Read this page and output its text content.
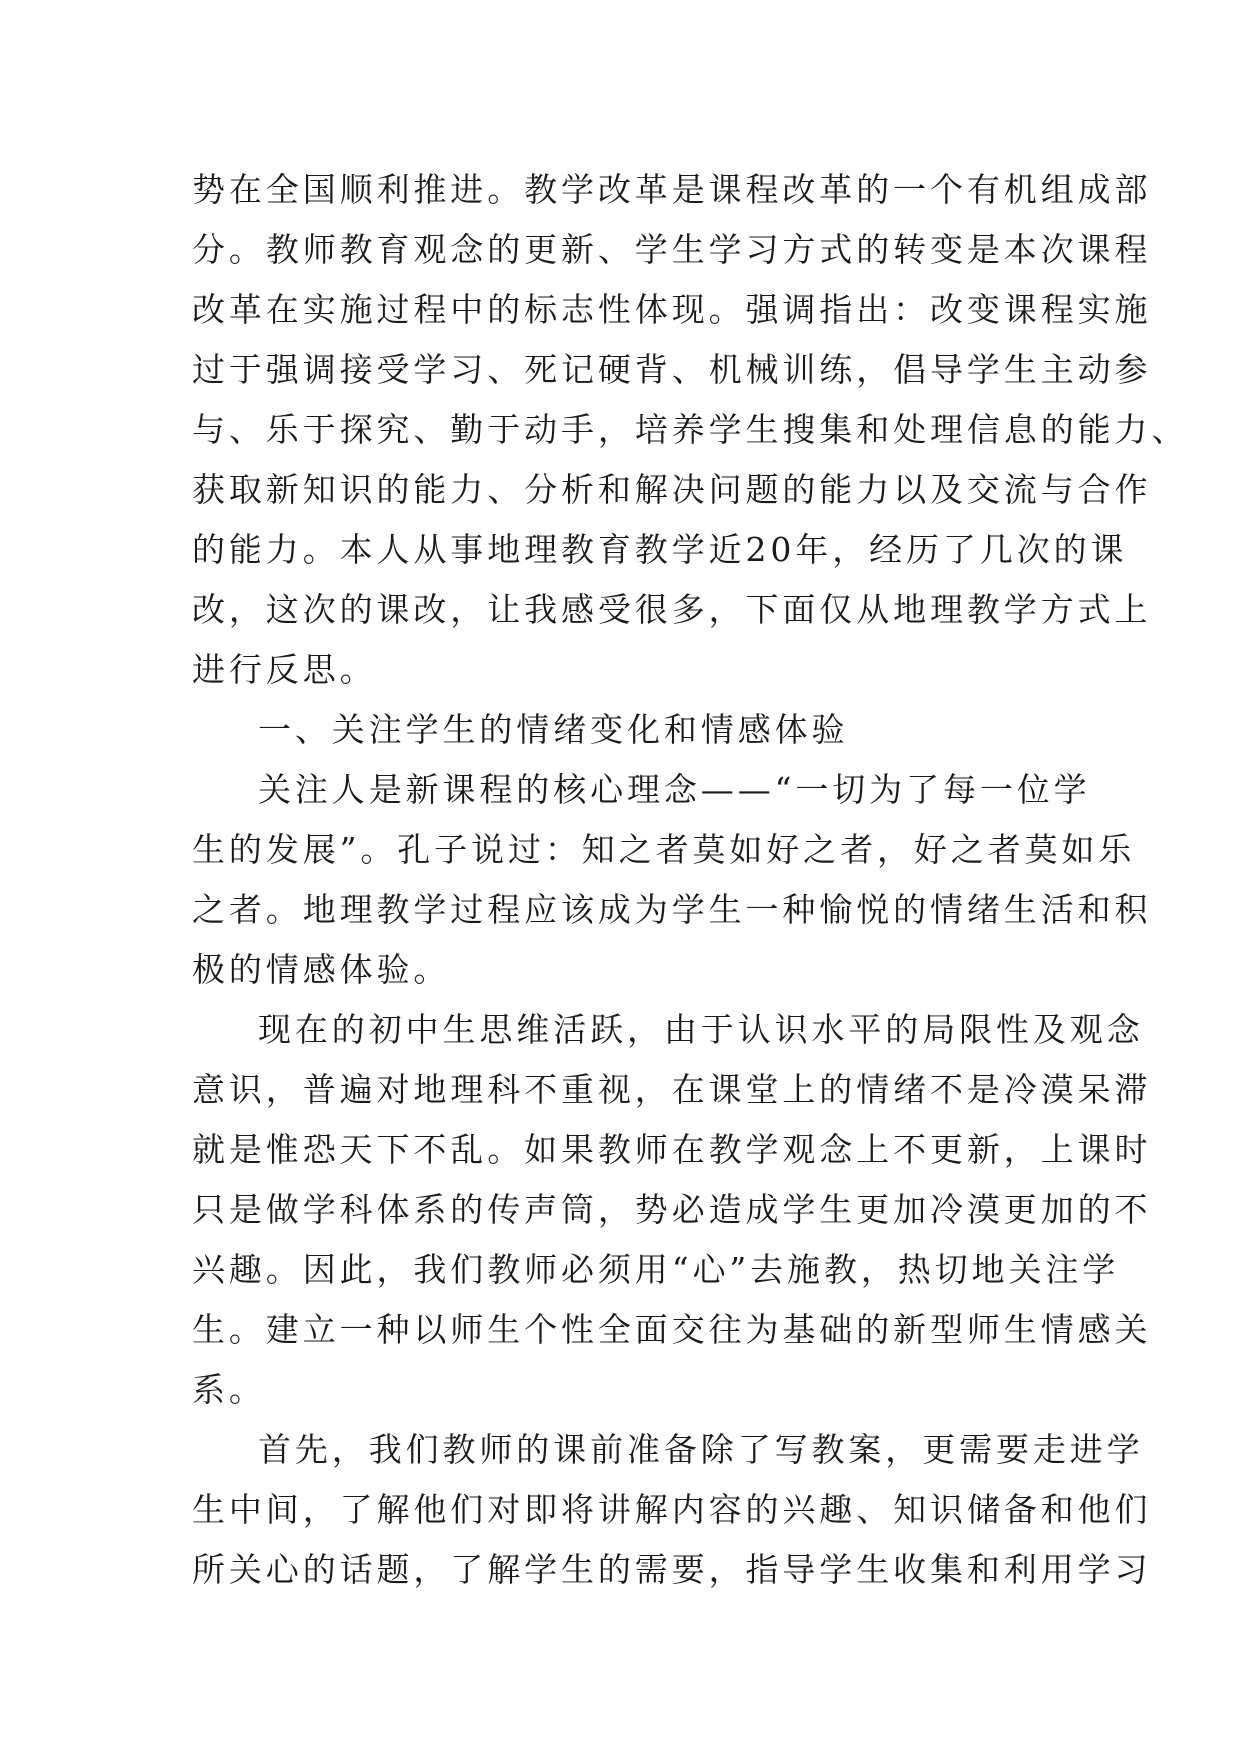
势在全国顺利推进。教学改革是课程改革的一个有机组成部
分。教师教育观念的更新、学生学习方式的转变是本次课程
改革在实施过程中的标志性体现。强调指出：改变课程实施
过于强调接受学习、死记硬背、机械训练，倡导学生主动参
与、乐于探究、勤于动手，培养学生搜集和处理信息的能力、
获取新知识的能力、分析和解决问题的能力以及交流与合作
的能力。本人从事地理教育教学近20年，经历了几次的课
改，这次的课改，让我感受很多，下面仅从地理教学方式上
进行反思。
一、关注学生的情绪变化和情感体验
关注人是新课程的核心理念——“一切为了每一位学
生的发展”。孔子说过：知之者莫如好之者，好之者莫如乐
之者。地理教学过程应该成为学生一种愉悦的情绪生活和积
极的情感体验。
现在的初中生思维活跃，由于认识水平的局限性及观念
意识，普遍对地理科不重视，在课堂上的情绪不是冷漠呆滞
就是惟恐天下不乱。如果教师在教学观念上不更新，上课时
只是做学科体系的传声筒，势必造成学生更加冷漠更加的不
兴趣。因此，我们教师必须用“心”去施教，热切地关注学
生。建立一种以师生个性全面交往为基础的新型师生情感关
系。
首先，我们教师的课前准备除了写教案，更需要走进学
生中间，了解他们对即将讲解内容的兴趣、知识储备和他们
所关心的话题，了解学生的需要，指导学生收集和利用学习
